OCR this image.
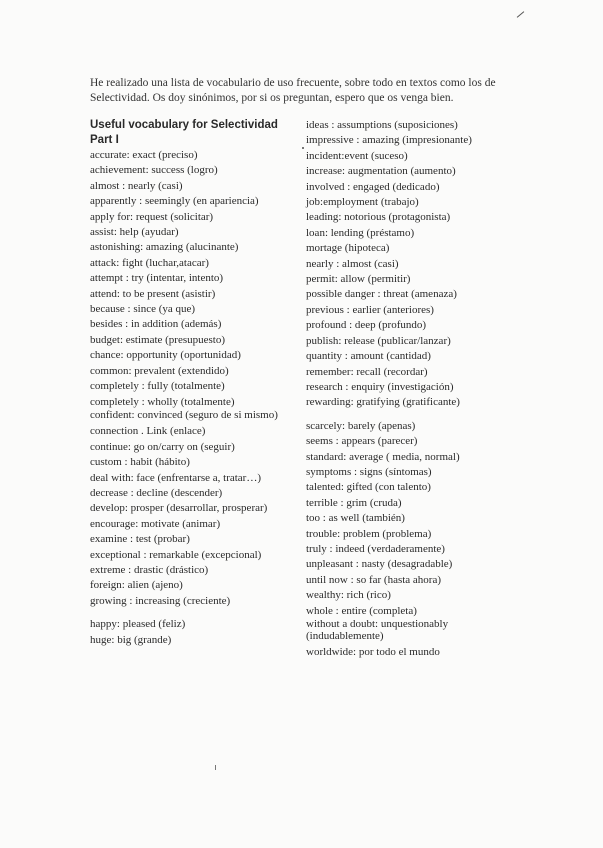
He realizado una lista de vocabulario de uso frecuente, sobre todo en textos como los de
Selectividad. Os doy sinónimos, por si os preguntan, espero que os venga bien.
Useful vocabulary for Selectividad
Part I
accurate: exact (preciso)
achievement: success (logro)
almost : nearly (casi)
apparently : seemingly (en apariencia)
apply for: request (solicitar)
assist: help (ayudar)
astonishing: amazing (alucinante)
attack: fight (luchar,atacar)
attempt : try (intentar, intento)
attend: to be present (asistir)
because : since (ya que)
besides : in addition (además)
budget: estimate (presupuesto)
chance: opportunity (oportunidad)
common: prevalent (extendido)
completely : fully (totalmente)
completely : wholly (totalmente)
confident: convinced (seguro de si mismo)
connection . Link (enlace)
continue: go on/carry on (seguir)
custom : habit (hábito)
deal with: face (enfrentarse a, tratar…)
decrease : decline (descender)
develop: prosper (desarrollar, prosperar)
encourage: motivate (animar)
examine : test (probar)
exceptional : remarkable (excepcional)
extreme : drastic (drástico)
foreign: alien (ajeno)
growing : increasing (creciente)
happy: pleased (feliz)
huge: big (grande)
ideas : assumptions (suposiciones)
impressive : amazing (impresionante)
incident:event (suceso)
increase: augmentation (aumento)
involved : engaged (dedicado)
job:employment (trabajo)
leading: notorious (protagonista)
loan: lending (préstamo)
mortage (hipoteca)
nearly : almost (casi)
permit: allow (permitir)
possible danger : threat (amenaza)
previous : earlier (anteriores)
profound : deep (profundo)
publish: release (publicar/lanzar)
quantity : amount (cantidad)
remember: recall (recordar)
research : enquiry (investigación)
rewarding: gratifying (gratificante)
scarcely: barely (apenas)
seems : appears (parecer)
standard: average ( media, normal)
symptoms : signs (síntomas)
talented: gifted (con talento)
terrible : grim (cruda)
too : as well (también)
trouble: problem (problema)
truly : indeed (verdaderamente)
unpleasant : nasty (desagradable)
until now : so far (hasta ahora)
wealthy: rich (rico)
whole : entire (completa)
without a doubt: unquestionably (indudablemente)
worldwide: por todo el mundo
